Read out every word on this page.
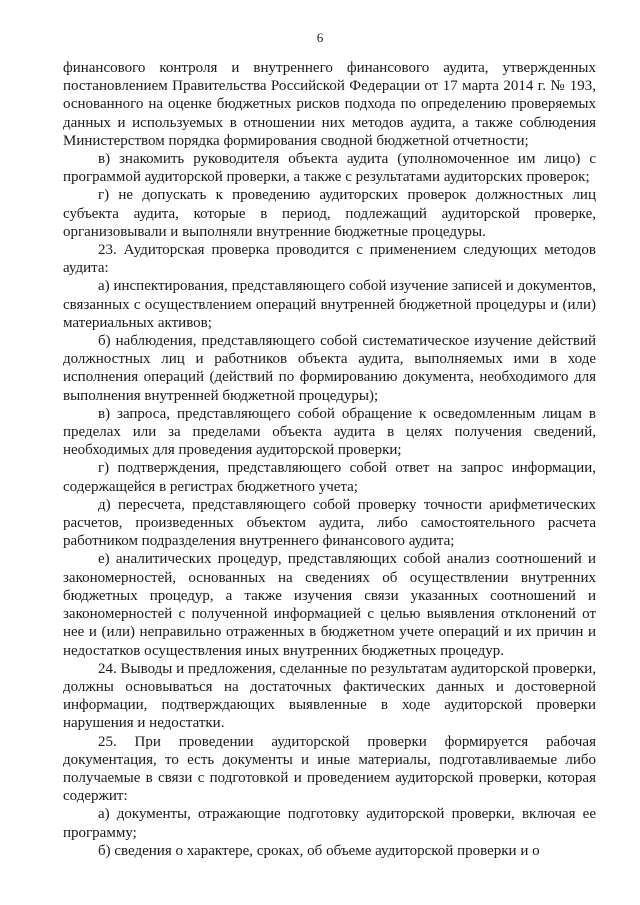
6

финансового контроля и внутреннего финансового аудита, утвержденных постановлением Правительства Российской Федерации от 17 марта 2014 г. № 193, основанного на оценке бюджетных рисков подхода по определению проверяемых данных и используемых в отношении них методов аудита, а также соблюдения Министерством порядка формирования сводной бюджетной отчетности;

в) знакомить руководителя объекта аудита (уполномоченное им лицо) с программой аудиторской проверки, а также с результатами аудиторских проверок;

г) не допускать к проведению аудиторских проверок должностных лиц субъекта аудита, которые в период, подлежащий аудиторской проверке, организовывали и выполняли внутренние бюджетные процедуры.

23. Аудиторская проверка проводится с применением следующих методов аудита:

а) инспектирования, представляющего собой изучение записей и документов, связанных с осуществлением операций внутренней бюджетной процедуры и (или) материальных активов;

б) наблюдения, представляющего собой систематическое изучение действий должностных лиц и работников объекта аудита, выполняемых ими в ходе исполнения операций (действий по формированию документа, необходимого для выполнения внутренней бюджетной процедуры);

в) запроса, представляющего собой обращение к осведомленным лицам в пределах или за пределами объекта аудита в целях получения сведений, необходимых для проведения аудиторской проверки;

г) подтверждения, представляющего собой ответ на запрос информации, содержащейся в регистрах бюджетного учета;

д) пересчета, представляющего собой проверку точности арифметических расчетов, произведенных объектом аудита, либо самостоятельного расчета работником подразделения внутреннего финансового аудита;

е) аналитических процедур, представляющих собой анализ соотношений и закономерностей, основанных на сведениях об осуществлении внутренних бюджетных процедур, а также изучения связи указанных соотношений и закономерностей с полученной информацией с целью выявления отклонений от нее и (или) неправильно отраженных в бюджетном учете операций и их причин и недостатков осуществления иных внутренних бюджетных процедур.

24. Выводы и предложения, сделанные по результатам аудиторской проверки, должны основываться на достаточных фактических данных и достоверной информации, подтверждающих выявленные в ходе аудиторской проверки нарушения и недостатки.

25. При проведении аудиторской проверки формируется рабочая документация, то есть документы и иные материалы, подготавливаемые либо получаемые в связи с подготовкой и проведением аудиторской проверки, которая содержит:

а) документы, отражающие подготовку аудиторской проверки, включая ее программу;

б) сведения о характере, сроках, об объеме аудиторской проверки и о
